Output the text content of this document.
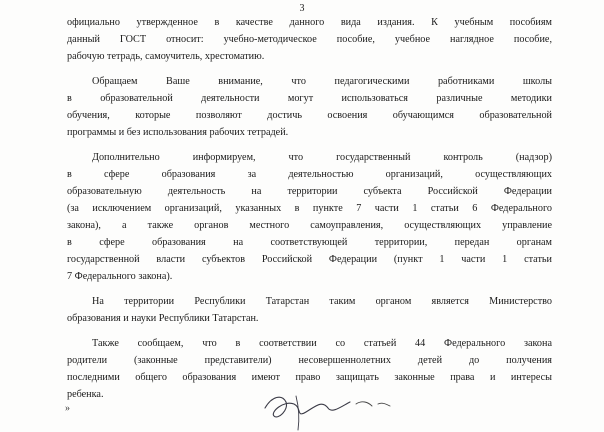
3

официально утвержденное в качестве данного вида издания. К учебным пособиям
данный ГОСТ относит: учебно-методическое пособие, учебное наглядное пособие,
рабочую тетрадь, самоучитель, хрестоматию.

Обращаем Ваше внимание, что педагогическими работниками школы
в образовательной деятельности могут использоваться различные методики
обучения, которые позволяют достичь освоения обучающимся образовательной
программы и без использования рабочих тетрадей.

Дополнительно информируем, что государственный контроль (надзор)
в сфере образования за деятельностью организаций, осуществляющих
образовательную деятельность на территории субъекта Российской Федерации
(за исключением организаций, указанных в пункте 7 части 1 статьи 6 Федерального
закона), а также органов местного самоуправления, осуществляющих управление
в сфере образования на соответствующей территории, передан органам
государственной власти субъектов Российской Федерации (пункт 1 части 1 статьи
7 Федерального закона).

На территории Республики Татарстан таким органом является Министерство
образования и науки Республики Татарстан.

Также сообщаем, что в соответствии со статьей 44 Федерального закона
родители (законные представители) несовершеннолетних детей до получения
последними общего образования имеют право защищать законные права и интересы
ребенка.

»
